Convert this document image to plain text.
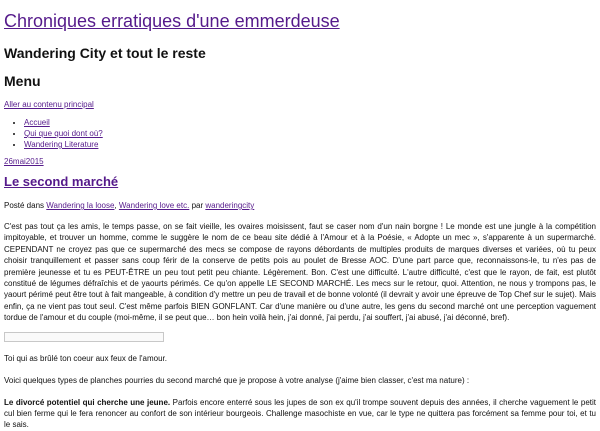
Chroniques erratiques d'une emmerdeuse
Wandering City et tout le reste
Menu
Aller au contenu principal
• Accueil
• Qui que quoi dont où?
• Wandering Literature
26mai2015
Le second marché

Posté dans Wandering la loose, Wandering love etc. par wanderingcity

C'est pas tout ça les amis, le temps passe, on se fait vieille, les ovaires moisissent, faut se caser nom d'un nain borgne ! Le monde est une jungle à la compétition impitoyable, et trouver un homme, comme le suggère le nom de ce beau site dédié à l'Amour et à la Poésie, « Adopte un mec », s'apparente à un supermarché. CEPENDANT ne croyez pas que ce supermarché des mecs se compose de rayons débordants de multiples produits de marques diverses et variées, où tu peux choisir tranquillement et passer sans coup férir de la conserve de petits pois au poulet de Bresse AOC. D'une part parce que, reconnaissons-le, tu n'es pas de première jeunesse et tu es PEUT-ÊTRE un peu tout petit peu chiante. Légèrement. Bon. C'est une difficulté. L'autre difficulté, c'est que le rayon, de fait, est plutôt constitué de légumes défraîchis et de yaourts périmés. Ce qu'on appelle LE SECOND MARCHÉ. Les mecs sur le retour, quoi. Attention, ne nous y trompons pas, le yaourt périmé peut être tout à fait mangeable, à condition d'y mettre un peu de travail et de bonne volonté (il devrait y avoir une épreuve de Top Chef sur le sujet). Mais enfin, ça ne vient pas tout seul. C'est même parfois BIEN GONFLANT. Car d'une manière ou d'une autre, les gens du second marché ont une perception vaguement tordue de l'amour et du couple (moi-même, il se peut que… bon hein voilà hein, j'ai donné, j'ai perdu, j'ai souffert, j'ai abusé, j'ai déconné, bref).

Toi qui as brûlé ton coeur aux feux de l'amour.

Voici quelques types de planches pourries du second marché que je propose à votre analyse (j'aime bien classer, c'est ma nature) :

Le divorcé potentiel qui cherche une jeune. Parfois encore enterré sous les jupes de son ex qu'il trompe souvent depuis des années, il cherche vaguement le petit cul bien ferme qui le fera renoncer au confort de son intérieur bourgeois. Challenge masochiste en vue, car le type ne quittera pas forcément sa femme pour toi, et tu le sais.
